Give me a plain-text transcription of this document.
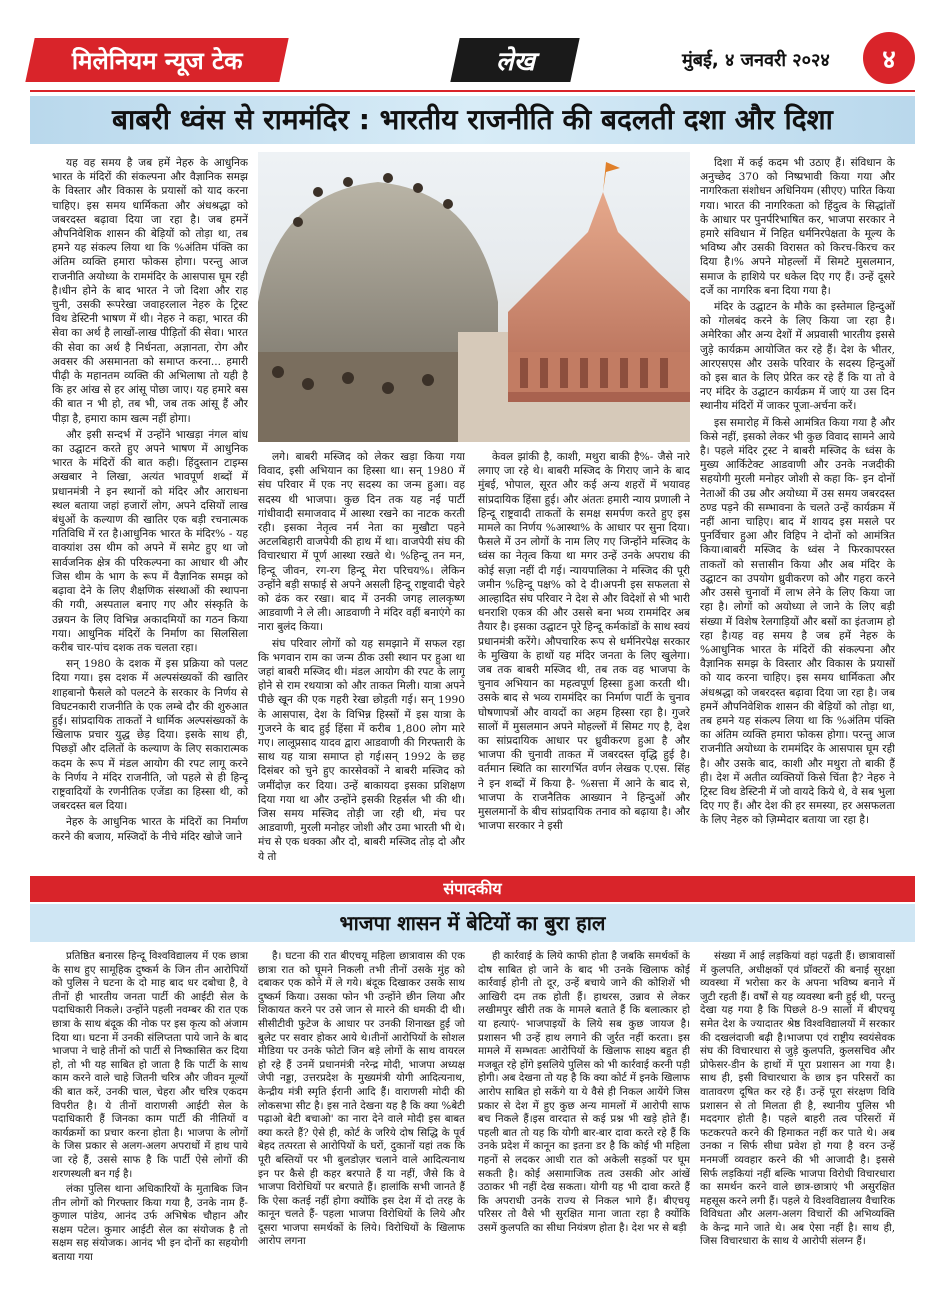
मिलेनियम न्यूज टेक	लेख	मुंबई, ४ जनवरी २०२४	४
बाबरी ध्वंस से राममंदिर : भारतीय राजनीति की बदलती दशा और दिशा

यह वह समय है जब हमें नेहरु के आधुनिक भारत के मंदिरों की संकल्पना और वैज्ञानिक समझ के विस्तार और विकास के प्रयासों को याद करना चाहिए। इस समय धार्मिकता और अंधश्रद्धा को जबरदस्त बढ़ावा दिया जा रहा है। जब हमनें औपनिवेशिक शासन की बेड़ियों को तोड़ा था, तब हमने यह संकल्प लिया था कि %अंतिम पंक्ति का अंतिम व्यक्ति हमारा फोकस होगा। परन्तु आज राजनीति अयोध्या के राममंदिर के आसपास घूम रही है।धीन होने के बाद भारत ने जो दिशा और राह चुनी, उसकी रूपरेखा जवाहरलाल नेहरु के ट्रिस्ट विथ डेस्टिनी भाषण में थी। नेहरु ने कहा, भारत की सेवा का अर्थ है लाखों-लाख पीड़ितों की सेवा। भारत की सेवा का अर्थ है निर्धनता, अज्ञानता, रोग और अवसर की असमानता को समाप्त करना... हमारी पीढ़ी के महानतम व्यक्ति की अभिलाषा तो यही है कि हर आंख से हर आंसू पोछा जाए। यह हमारे बस की बात न भी हो, तब भी, जब तक आंसू हैं और पीड़ा है, हमारा काम खत्म नहीं होगा।

और इसी सन्दर्भ में उन्होंने भाखड़ा नंगल बांध का उद्घाटन करते हुए अपने भाषण में आधुनिक भारत के मंदिरों की बात कही। हिंदुस्तान टाइम्स अखबार ने लिखा, अत्यंत भावपूर्ण शब्दों में प्रधानमंत्री ने इन स्थानों को मंदिर और आराधना स्थल बताया जहां हजारों लोग, अपने दसियों लाख बंधुओं के कल्याण की खातिर एक बड़ी रचनात्मक गतिविधि में रत है।आधुनिक भारत के मंदिर% - यह वाक्यांश उस थीम को अपने में समेट हुए था जो सार्वजनिक क्षेत्र की परिकल्पना का आधार थी और जिस थीम के भाग के रूप में वैज्ञानिक समझ को बढ़ावा देने के लिए शैक्षणिक संस्थाओं की स्थापना की गयी, अस्पताल बनाए गए और संस्कृति के उन्नयन के लिए विभिन्न अकादमियों का गठन किया गया। आधुनिक मंदिरों के निर्माण का सिलसिला करीब चार-पांच दशक तक चलता रहा।

सन् 1980 के दशक में इस प्रक्रिया को पलट दिया गया। इस दशक में अल्पसंख्यकों की खातिर शाहबानो फैसले को पलटने के सरकार के निर्णय से विघटनकारी राजनीति के एक लम्बे दौर की शुरुआत हुई। सांप्रदायिक ताकतों ने धार्मिक अल्पसंख्यकों के खिलाफ प्रचार युद्ध छेड़ दिया। इसके साथ ही, पिछड़ों और दलितों के कल्याण के लिए सकारात्मक कदम के रूप में मंडल आयोग की रपट लागू करने के निर्णय ने मंदिर राजनीति, जो पहले से ही हिन्दू राष्ट्रवादियों के रणनीतिक एजेंडा का हिस्सा थी, को जबरदस्त बल दिया।

नेहरु के आधुनिक भारत के मंदिरों का निर्माण करने की बजाय, मस्जिदों के नीचे मंदिर खोजे जाने

लगे। बाबरी मस्जिद को लेकर खड़ा किया गया विवाद, इसी अभियान का हिस्सा था। सन् 1980 में संघ परिवार में एक नए सदस्य का जन्म हुआ। वह सदस्य थी भाजपा। कुछ दिन तक यह नई पार्टी गांधीवादी समाजवाद में आस्था रखने का नाटक करती रही। इसका नेतृत्व नर्म नेता का मुखौटा पहने अटलबिहारी वाजपेयी की हाथ में था। वाजपेयी संघ की विचारधारा में पूर्ण आस्था रखते थे। %हिन्दू तन मन, हिन्दू जीवन, रग-रग हिन्दू मेरा परिचय%। लेकिन उन्होंने बड़ी सफाई से अपने असली हिन्दू राष्ट्रवादी चेहरे को ढंक कर रखा। बाद में उनकी जगह लालकृष्ण आडवाणी ने ले ली। आडवाणी ने मंदिर वहीं बनाएंगे का नारा बुलंद किया।

संघ परिवार लोगों को यह समझाने में सफल रहा कि भगवान राम का जन्म ठीक उसी स्थान पर हुआ था जहां बाबरी मस्जिद थी। मंडल आयोग की रपट के लागू होने से राम रथयात्रा को और ताकत मिली। यात्रा अपने पीछे खून की एक गहरी रेखा छोड़ती गई। सन् 1990 के आसपास, देश के विभिन्न हिस्सों में इस यात्रा के गुजरने के बाद हुई हिंसा में करीब 1,800 लोग मारे गए। लालूप्रसाद यादव द्वारा आडवाणी की गिरफ्तारी के साथ यह यात्रा समाप्त हो गई।सन् 1992 के छह दिसंबर को चुने हुए कारसेवकों ने बाबरी मस्जिद को जमींदोज़ कर दिया। उन्हें बाकायदा इसका प्रशिक्षण दिया गया था और उन्होंने इसकी रिहर्सल भी की थी। जिस समय मस्जिद तोड़ी जा रही थी, मंच पर आडवाणी, मुरली मनोहर जोशी और उमा भारती भी थे। मंच से एक धक्का और दो, बाबरी मस्जिद तोड़ दो और ये तो

केवल झांकी है, काशी, मथुरा बाकी है%- जैसे नारे लगाए जा रहे थे। बाबरी मस्जिद के गिराए जाने के बाद मुंबई, भोपाल, सूरत और कई अन्य शहरों में भयावह सांप्रदायिक हिंसा हुई। और अंततः हमारी न्याय प्रणाली ने हिन्दू राष्ट्रवादी ताकतों के समक्ष समर्पण करते हुए इस मामले का निर्णय %आस्था% के आधार पर सुना दिया। फैसले में उन लोगों के नाम लिए गए जिन्होंने मस्जिद के ध्वंस का नेतृत्व किया था मगर उन्हें उनके अपराध की कोई सज़ा नहीं दी गई। न्यायपालिका ने मस्जिद की पूरी जमीन %हिन्दू पक्ष% को दे दी।अपनी इस सफलता से आल्हादित संघ परिवार ने देश से और विदेशों से भी भारी धनराशि एकत्र की और उससे बना भव्य राममंदिर अब तैयार है। इसका उद्घाटन पूरे हिन्दू कर्मकांडों के साथ स्वयं प्रधानमंत्री करेंगे। औपचारिक रूप से धर्मनिरपेक्ष सरकार के मुखिया के हाथों यह मंदिर जनता के लिए खुलेगा। जब तक बाबरी मस्जिद थी, तब तक वह भाजपा के चुनाव अभियान का महत्वपूर्ण हिस्सा हुआ करती थी। उसके बाद से भव्य राममंदिर का निर्माण पार्टी के चुनाव घोषणापत्रों और वायदों का अहम हिस्सा रहा है। गुजरे सालों में मुसलमान अपने मोहल्लों में सिमट गए है, देश का सांप्रदायिक आधार पर ध्रुवीकरण हुआ है और भाजपा की चुनावी ताकत में जबरदस्त वृद्धि हुई है।वर्तमान स्थिति का सारगर्भित वर्णन लेखक ए.एस. सिंह ने इन शब्दों में किया है- %सत्ता में आने के बाद से, भाजपा के राजनैतिक आख्यान ने हिन्दुओं और मुसलमानों के बीच सांप्रदायिक तनाव को बढ़ाया है। और भाजपा सरकार ने इसी

दिशा में कई कदम भी उठाए हैं। संविधान के अनुच्छेद 370 को निष्प्रभावी किया गया और नागरिकता संशोधन अधिनियम (सीएए) पारित किया गया। भारत की नागरिकता को हिंदुत्व के सिद्धांतों के आधार पर पुनर्परिभाषित कर, भाजपा सरकार ने हमारे संविधान में निहित धर्मनिरपेक्षता के मूल्य के भविष्य और उसकी विरासत को किरच-किरच कर दिया है।% अपने मोहल्लों में सिमटे मुसलमान, समाज के हाशिये पर धकेल दिए गए हैं। उन्हें दूसरे दर्जे का नागरिक बना दिया गया है।

मंदिर के उद्घाटन के मौके का इस्तेमाल हिन्दुओं को गोलबंद करने के लिए किया जा रहा है। अमेरिका और अन्य देशों में अप्रवासी भारतीय इससे जुड़े कार्यक्रम आयोजित कर रहे हैं। देश के भीतर, आरएसएस और उसके परिवार के सदस्य हिन्दुओं को इस बात के लिए प्रेरित कर रहे हैं कि या तो वे नए मंदिर के उद्घाटन कार्यक्रम में जाएं या उस दिन स्थानीय मंदिरों में जाकर पूजा-अर्चना करें।

इस समारोह में किसे आमंत्रित किया गया है और किसे नहीं, इसको लेकर भी कुछ विवाद सामने आये है। पहले मंदिर ट्रस्ट ने बाबरी मस्जिद के ध्वंस के मुख्य आर्किटेक्ट आडवाणी और उनके नजदीकी सहयोगी मुरली मनोहर जोशी से कहा कि- इन दोनों नेताओं की उम्र और अयोध्या में उस समय जबरदस्त ठण्ड पड़ने की सम्भावना के चलते उन्हें कार्यक्रम में नहीं आना चाहिए। बाद में शायद इस मसले पर पुनर्विचार हुआ और विहिप ने दोनों को आमंत्रित किया।बाबरी मस्जिद के ध्वंस ने फिरकापरस्त ताकतों को सत्तासीन किया और अब मंदिर के उद्घाटन का उपयोग ध्रुवीकरण को और गहरा करने और उससे चुनावों में लाभ लेने के लिए किया जा रहा है। लोगों को अयोध्या ले जाने के लिए बड़ी संख्या में विशेष रेलगाड़ियों और बसों का इंतजाम हो रहा है।यह वह समय है जब हमें नेहरु के %आधुनिक भारत के मंदिरों की संकल्पना और वैज्ञानिक समझ के विस्तार और विकास के प्रयासों को याद करना चाहिए। इस समय धार्मिकता और अंधश्रद्धा को जबरदस्त बढ़ावा दिया जा रहा है। जब हमनें औपनिवेशिक शासन की बेड़ियों को तोड़ा था, तब हमने यह संकल्प लिया था कि %अंतिम पंक्ति का अंतिम व्यक्ति हमारा फोकस होगा। परन्तु आज राजनीति अयोध्या के राममंदिर के आसपास घूम रही है। और उसके बाद, काशी और मथुरा तो बाकी हैं ही। देश में अतीत व्यक्तियों किसे चिंता है? नेहरु ने ट्रिस्ट विथ डेस्टिनी में जो वायदे किये थे, वे सब भुला दिए गए हैं। और देश की हर समस्या, हर असफलता के लिए नेहरु को ज़िम्मेदार बताया जा रहा है।

संपादकीय
भाजपा शासन में बेटियों का बुरा हाल

प्रतिष्ठित बनारस हिन्दू विश्वविद्यालय में एक छात्रा के साथ हुए सामूहिक दुष्कर्म के जिन तीन आरोपियों को पुलिस ने घटना के दो माह बाद धर दबोचा है, वे तीनों ही भारतीय जनता पार्टी की आईटी सेल के पदाधिकारी निकले। उन्होंने पहली नवम्बर की रात एक छात्रा के साथ बंदूक की नोक पर इस कृत्य को अंजाम दिया था। घटना में उनकी संलिप्तता पाये जाने के बाद भाजपा ने चाहे तीनों को पार्टी से निष्कासित कर दिया हो, तो भी यह साबित हो जाता है कि पार्टी के साथ काम करने वाले चाहे जितनी चरित्र और जीवन मूल्यों की बात करें, उनकी चाल, चेहरा और चरित्र एकदम विपरीत है। ये तीनों वाराणसी आईटी सेल के पदाधिकारी हैं जिनका काम पार्टी की नीतियों व कार्यक्रमों का प्रचार करना होता है। भाजपा के लोगों के जिस प्रकार से अलग-अलग अपराधों में हाथ पाये जा रहे हैं, उससे साफ है कि पार्टी ऐसे लोगों की शरणस्थली बन गई है।

लंका पुलिस थाना अधिकारियों के मुताबिक जिन तीन लोगों को गिरफ्तार किया गया है, उनके नाम हैं- कुणाल पांडेय, आनंद उर्फ अभिषेक चौहान और सक्षम पटेल। कुमार आईटी सेल का संयोजक है तो सक्षम सह संयोजक। आनंद भी इन दोनों का सहयोगी बताया गया

है। घटना की रात बीएचयू महिला छात्रावास की एक छात्रा रात को घूमने निकली तभी तीनों उसके मुंह को दबाकर एक कोने में ले गये। बंदूक दिखाकर उसके साथ दुष्कर्म किया। उसका फोन भी उन्होंने छीन लिया और शिकायत करने पर उसे जान से मारने की धमकी दी थी। सीसीटीवी फुटेज के आधार पर उनकी शिनाख्त हुई जो बुलेट पर सवार होकर आये थे।तीनों आरोपियों के सोशल मीडिया पर उनके फोटो जिन बड़े लोगों के साथ वायरल हो रहे हैं उनमें प्रधानमंत्री नरेन्द्र मोदी, भाजपा अध्यक्ष जेपी नड्डा, उत्तरप्रदेश के मुख्यमंत्री योगी आदित्यनाथ, केन्द्रीय मंत्री स्मृति ईरानी आदि हैं। वाराणसी मोदी की लोकसभा सीट है। इस नाते देखना यह है कि क्या %बेटी पढ़ाओ बेटी बचाओ' का नारा देने वाले मोदी इस बाबत क्या करते हैं? ऐसे ही, कोर्ट के जरिये दोष सिद्धि के पूर्व बेहद तत्परता से आरोपियों के घरों, दुकानों यहां तक कि पूरी बस्तियों पर भी बुलडोज़र चलाने वाले आदित्यनाथ इन पर कैसे ही कहर बरपाते हैं या नहीं, जैसे कि वे भाजपा विरोधियों पर बरपाते हैं। हालांकि सभी जानते हैं कि ऐसा कतई नहीं होगा क्योंकि इस देश में दो तरह के कानून चलते हैं- पहला भाजपा विरोधियों के लिये और दूसरा भाजपा समर्थकों के लिये। विरोधियों के खिलाफ आरोप लगना

ही कार्रवाई के लिये काफी होता है जबकि समर्थकों के दोष साबित हो जाने के बाद भी उनके खिलाफ कोई कार्रवाई होनी तो दूर, उन्हें बचाये जाने की कोशिशें भी आखिरी दम तक होती हैं। हाथरस, उन्नाव से लेकर लखीमपुर खीरी तक के मामले बताते हैं कि बलात्कार हो या हत्याएं- भाजपाइयों के लिये सब कुछ जायज है। प्रशासन भी उन्हें हाथ लगाने की जुर्रत नहीं करता। इस मामले में सम्भवतः आरोपियों के खिलाफ साक्ष्य बहुत ही मजबूत रहे होंगे इसलिये पुलिस को भी कार्रवाई करनी पड़ी होगी। अब देखना तो यह है कि क्या कोर्ट में इनके खिलाफ आरोप साबित हो सकेंगे या ये वैसे ही निकल आयेंगे जिस प्रकार से देश में हुए कुछ अन्य मामलों में आरोपी साफ बच निकले हैं।इस वारदात से कई प्रश्न भी खड़े होते हैं। पहली बात तो यह कि योगी बार-बार दावा करते रहे हैं कि उनके प्रदेश में कानून का इतना डर है कि कोई भी महिला गहनों से लदकर आधी रात को अकेली सड़कों पर घूम सकती है। कोई असामाजिक तत्व उसकी ओर आंखें उठाकर भी नहीं देख सकता। योगी यह भी दावा करते हैं कि अपराधी उनके राज्य से निकल भागे हैं। बीएचयू परिसर तो वैसे भी सुरक्षित माना जाता रहा है क्योंकि उसमें कुलपति का सीधा नियंत्रण होता है। देश भर से बड़ी

संख्या में आई लड़कियां वहां पढ़ती हैं। छात्रावासों में कुलपति, अधीक्षकों एवं प्रॉक्टरों की बनाई सुरक्षा व्यवस्था में भरोसा कर के अपना भविष्य बनाने में जुटी रहती हैं। वर्षों से यह व्यवस्था बनी हुई थी, परन्तु देखा यह गया है कि पिछले 8-9 सालों में बीएचयू समेत देश के ज्यादातर श्रेष्ठ विश्वविद्यालयों में सरकार की दखलंदाजी बढ़ी है।भाजपा एवं राष्ट्रीय स्वयंसेवक संघ की विचारधारा से जुड़े कुलपति, कुलसचिव और प्रोफेसर-डीन के हाथों में पूरा प्रशासन आ गया है। साथ ही, इसी विचारधारा के छात्र इन परिसरों का वातावरण दूषित कर रहे हैं। उन्हें पूरा संरक्षण विवि प्रशासन से तो मिलता ही है, स्थानीय पुलिस भी मददगार होती है। पहले बाहरी तत्व परिसरों में फटकरपते करने की हिमाकत नहीं कर पाते थे। अब उनका न सिर्फ सीधा प्रवेश हो गया है वरन उन्हें मनमर्जी व्यवहार करने की भी आजादी है। इससे सिर्फ लड़कियां नहीं बल्कि भाजपा विरोधी विचारधारा का समर्थन करने वाले छात्र-छात्राएं भी असुरक्षित महसूस करने लगी हैं। पहले ये विश्वविद्यालय वैचारिक विविधता और अलग-अलग विचारों की अभिव्यक्ति के केन्द्र माने जाते थे। अब ऐसा नहीं है। साथ ही, जिस विचारधारा के साथ ये आरोपी संलग्न हैं।
